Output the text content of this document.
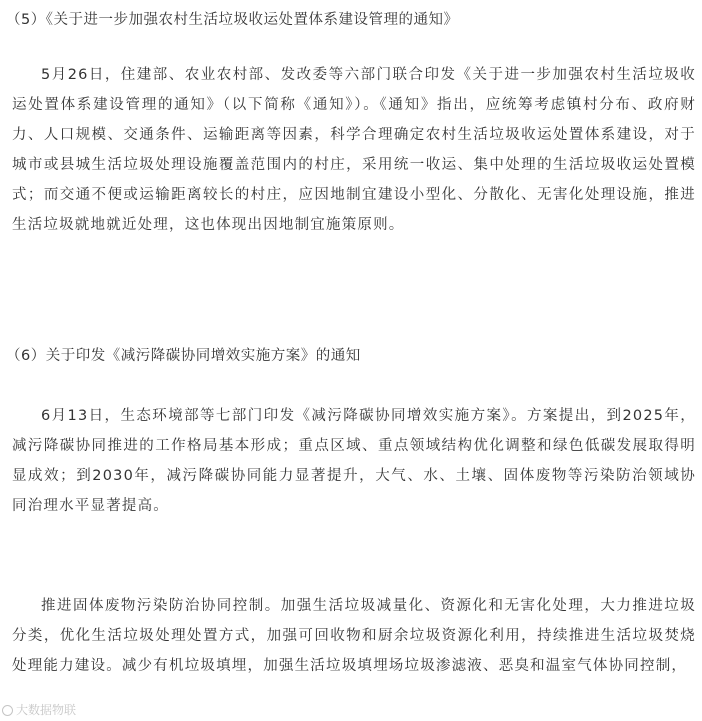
（5）《关于进一步加强农村生活垃圾收运处置体系建设管理的通知》

5月26日，住建部、农业农村部、发改委等六部门联合印发《关于进一步加强农村生活垃圾收运处置体系建设管理的通知》（以下简称《通知》）。《通知》指出，应统筹考虑镇村分布、政府财力、人口规模、交通条件、运输距离等因素，科学合理确定农村生活垃圾收运处置体系建设，对于城市或县城生活垃圾处理设施覆盖范围内的村庄，采用统一收运、集中处理的生活垃圾收运处置模式；而交通不便或运输距离较长的村庄，应因地制宜建设小型化、分散化、无害化处理设施，推进生活垃圾就地就近处理，这也体现出因地制宜施策原则。

（6）关于印发《减污降碳协同增效实施方案》的通知

6月13日，生态环境部等七部门印发《减污降碳协同增效实施方案》。方案提出，到2025年，减污降碳协同推进的工作格局基本形成；重点区域、重点领域结构优化调整和绿色低碳发展取得明显成效；到2030年，减污降碳协同能力显著提升，大气、水、土壤、固体废物等污染防治领域协同治理水平显著提高。

推进固体废物污染防治协同控制。加强生活垃圾减量化、资源化和无害化处理，大力推进垃圾分类，优化生活垃圾处理处置方式，加强可回收物和厨余垃圾资源化利用，持续推进生活垃圾焚烧处理能力建设。减少有机垃圾填埋，加强生活垃圾填埋场垃圾渗滤液、恶臭和温室气体协同控制，

大数据物联
